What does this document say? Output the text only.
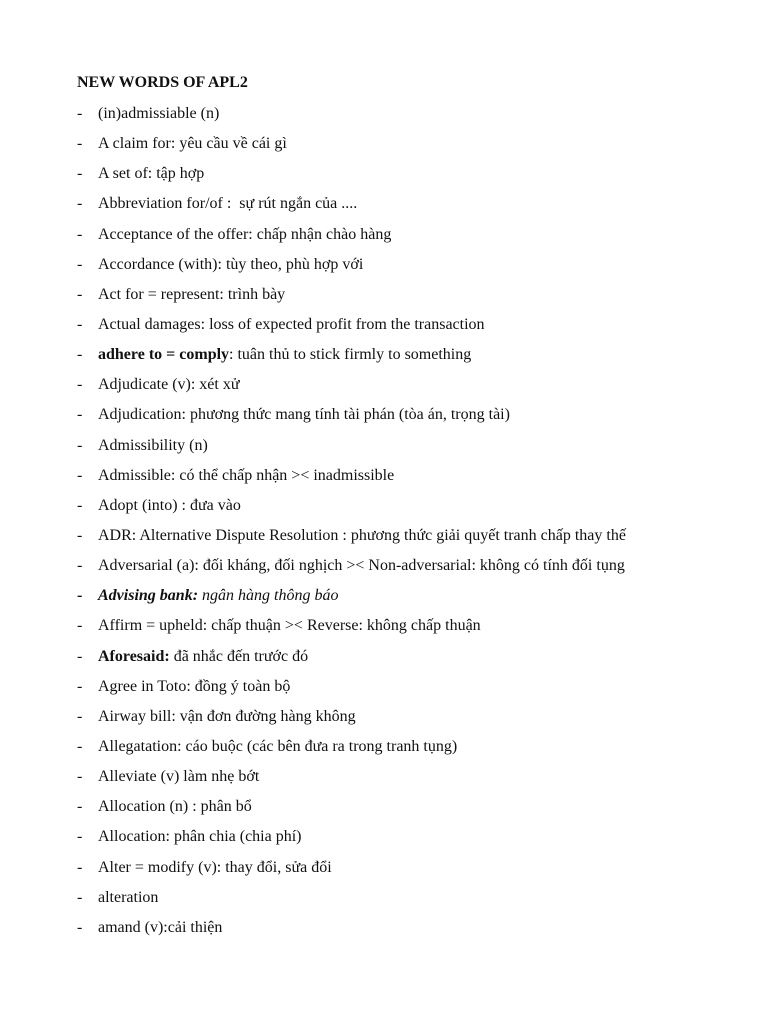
NEW WORDS OF APL2

- (in)admissiable (n)
- A claim for: yêu cầu về cái gì
- A set of: tập hợp
- Abbreviation for/of :  sự rút ngắn của ....
- Acceptance of the offer: chấp nhận chào hàng
- Accordance (with): tùy theo, phù hợp với
- Act for = represent: trình bày
- Actual damages: loss of expected profit from the transaction
- adhere to = comply: tuân thủ to stick firmly to something
- Adjudicate (v): xét xử
- Adjudication: phương thức mang tính tài phán (tòa án, trọng tài)
- Admissibility (n)
- Admissible: có thể chấp nhận >< inadmissible
- Adopt (into) : đưa vào
- ADR: Alternative Dispute Resolution : phương thức giải quyết tranh chấp thay thế
- Adversarial (a): đối kháng, đối nghịch >< Non-adversarial: không có tính đối tụng
- Advising bank: ngân hàng thông báo
- Affirm = upheld: chấp thuận >< Reverse: không chấp thuận
- Aforesaid: đã nhắc đến trước đó
- Agree in Toto: đồng ý toàn bộ
- Airway bill: vận đơn đường hàng không
- Allegatation: cáo buộc (các bên đưa ra trong tranh tụng)
- Alleviate (v) làm nhẹ bớt
- Allocation (n) : phân bổ
- Allocation: phân chia (chia phí)
- Alter = modify (v): thay đổi, sửa đổi
- alteration
- amand (v):cải thiện
